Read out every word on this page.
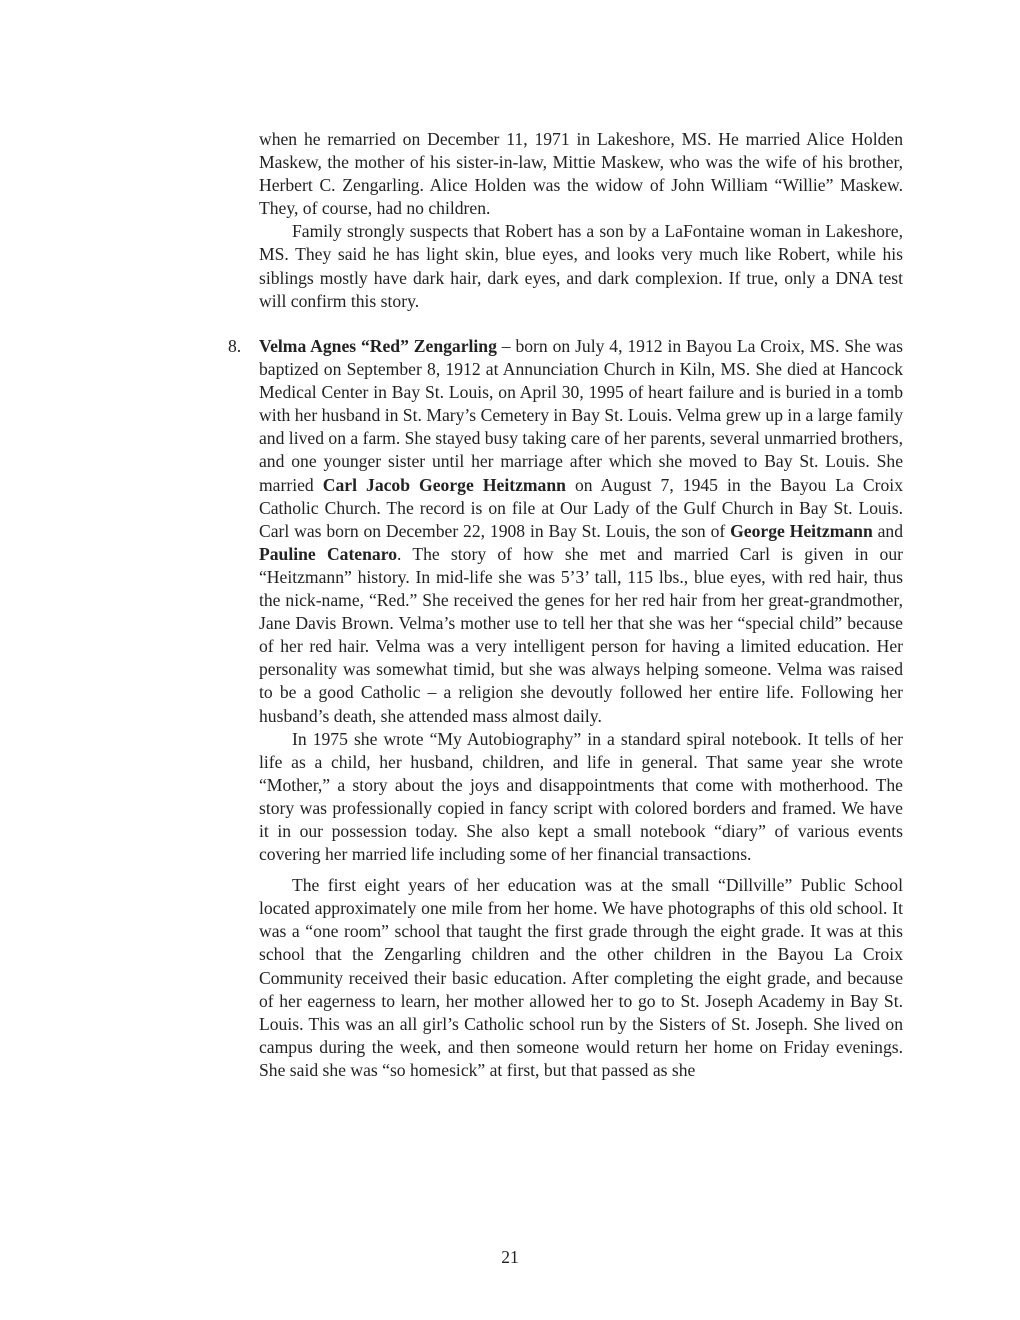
when he remarried on December 11, 1971 in Lakeshore, MS. He married Alice Holden Maskew, the mother of his sister-in-law, Mittie Maskew, who was the wife of his brother, Herbert C. Zengarling. Alice Holden was the widow of John William “Willie” Maskew. They, of course, had no children.

Family strongly suspects that Robert has a son by a LaFontaine woman in Lakeshore, MS. They said he has light skin, blue eyes, and looks very much like Robert, while his siblings mostly have dark hair, dark eyes, and dark complexion. If true, only a DNA test will confirm this story.

8. Velma Agnes “Red” Zengarling – born on July 4, 1912 in Bayou La Croix, MS. She was baptized on September 8, 1912 at Annunciation Church in Kiln, MS. She died at Hancock Medical Center in Bay St. Louis, on April 30, 1995 of heart failure and is buried in a tomb with her husband in St. Mary’s Cemetery in Bay St. Louis. Velma grew up in a large family and lived on a farm. She stayed busy taking care of her parents, several unmarried brothers, and one younger sister until her marriage after which she moved to Bay St. Louis. She married Carl Jacob George Heitzmann on August 7, 1945 in the Bayou La Croix Catholic Church. The record is on file at Our Lady of the Gulf Church in Bay St. Louis. Carl was born on December 22, 1908 in Bay St. Louis, the son of George Heitzmann and Pauline Catenaro. The story of how she met and married Carl is given in our “Heitzmann” history. In mid-life she was 5’3’ tall, 115 lbs., blue eyes, with red hair, thus the nick-name, “Red.” She received the genes for her red hair from her great-grandmother, Jane Davis Brown. Velma’s mother use to tell her that she was her “special child” because of her red hair. Velma was a very intelligent person for having a limited education. Her personality was somewhat timid, but she was always helping someone. Velma was raised to be a good Catholic – a religion she devoutly followed her entire life. Following her husband’s death, she attended mass almost daily.

In 1975 she wrote “My Autobiography” in a standard spiral notebook. It tells of her life as a child, her husband, children, and life in general. That same year she wrote “Mother,” a story about the joys and disappointments that come with motherhood. The story was professionally copied in fancy script with colored borders and framed. We have it in our possession today. She also kept a small notebook “diary” of various events covering her married life including some of her financial transactions.

The first eight years of her education was at the small “Dillville” Public School located approximately one mile from her home. We have photographs of this old school. It was a “one room” school that taught the first grade through the eight grade. It was at this school that the Zengarling children and the other children in the Bayou La Croix Community received their basic education. After completing the eight grade, and because of her eagerness to learn, her mother allowed her to go to St. Joseph Academy in Bay St. Louis. This was an all girl’s Catholic school run by the Sisters of St. Joseph. She lived on campus during the week, and then someone would return her home on Friday evenings. She said she was “so homesick” at first, but that passed as she

21
